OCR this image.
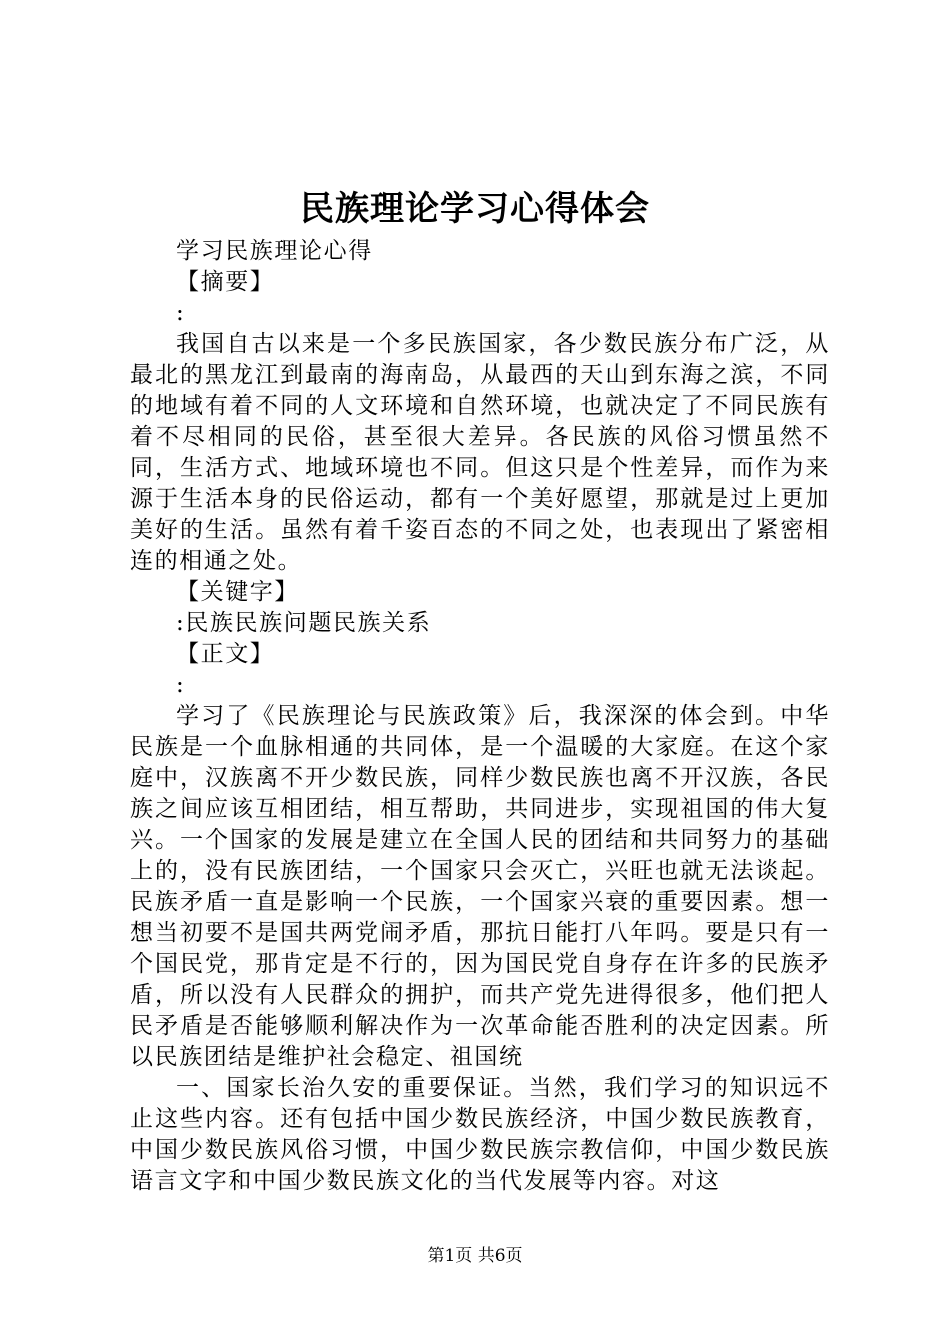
民族理论学习心得体会

学习民族理论心得

【摘要】

:

我国自古以来是一个多民族国家，各少数民族分布广泛，从最北的黑龙江到最南的海南岛，从最西的天山到东海之滨，不同的地域有着不同的人文环境和自然环境，也就决定了不同民族有着不尽相同的民俗，甚至很大差异。各民族的风俗习惯虽然不同，生活方式、地域环境也不同。但这只是个性差异，而作为来源于生活本身的民俗运动，都有一个美好愿望，那就是过上更加美好的生活。虽然有着千姿百态的不同之处，也表现出了紧密相连的相通之处。

【关键字】

:民族民族问题民族关系

【正文】

:

学习了《民族理论与民族政策》后，我深深的体会到。中华民族是一个血脉相通的共同体，是一个温暖的大家庭。在这个家庭中，汉族离不开少数民族，同样少数民族也离不开汉族，各民族之间应该互相团结，相互帮助，共同进步，实现祖国的伟大复兴。一个国家的发展是建立在全国人民的团结和共同努力的基础上的，没有民族团结，一个国家只会灭亡，兴旺也就无法谈起。民族矛盾一直是影响一个民族，一个国家兴衰的重要因素。想一想当初要不是国共两党闹矛盾，那抗日能打八年吗。要是只有一个国民党，那肯定是不行的，因为国民党自身存在许多的民族矛盾，所以没有人民群众的拥护，而共产党先进得很多，他们把人民矛盾是否能够顺利解决作为一次革命能否胜利的决定因素。所以民族团结是维护社会稳定、祖国统

一、国家长治久安的重要保证。当然，我们学习的知识远不止这些内容。还有包括中国少数民族经济，中国少数民族教育，中国少数民族风俗习惯，中国少数民族宗教信仰，中国少数民族语言文字和中国少数民族文化的当代发展等内容。对这

第1页 共6页
